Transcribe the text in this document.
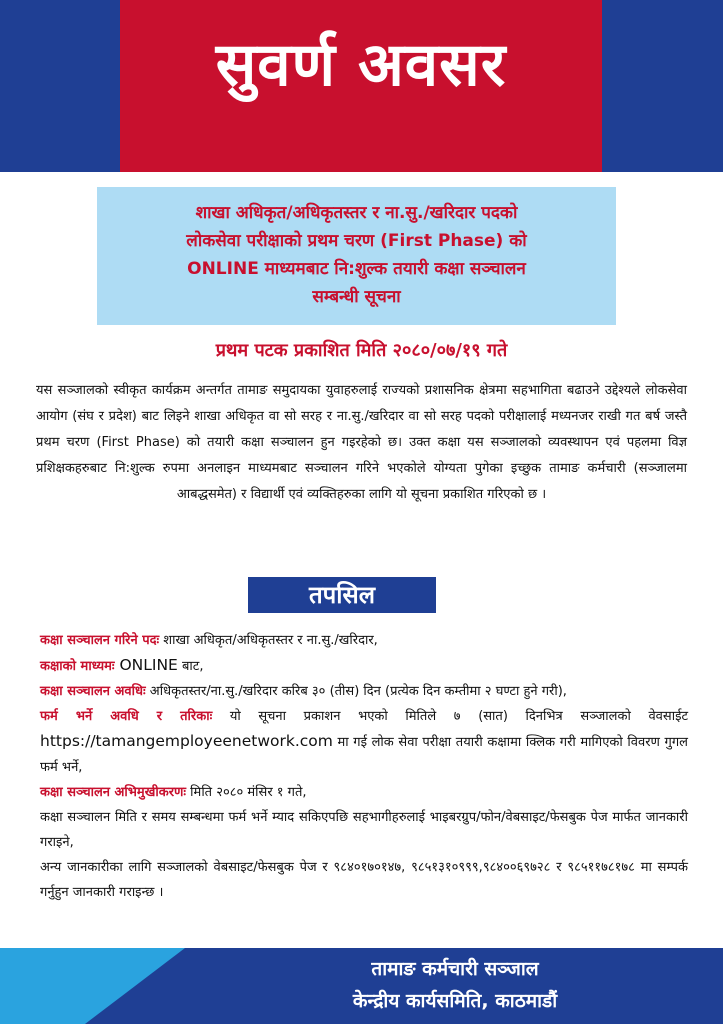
सुवर्ण अवसर

शाखा अधिकृत/अधिकृतस्तर र ना.सु./खरिदार पदको

लोकसेवा परीक्षाको प्रथम चरण (First Phase) को

ONLINE माध्यमबाट नि:शुल्क तयारी कक्षा सञ्चालन

सम्बन्धी सूचना

प्रथम पटक प्रकाशित मिति २०८०/०७/१९ गते

यस सञ्जालको स्वीकृत कार्यक्रम अन्तर्गत तामाङ समुदायका युवाहरुलाई राज्यको प्रशासनिक क्षेत्रमा सहभागिता बढाउने उद्देश्यले लोकसेवा आयोग (संघ र प्रदेश) बाट लिइने शाखा अधिकृत वा सो सरह र ना.सु./खरिदार वा सो सरह पदको परीक्षालाई मध्यनजर राखी गत बर्ष जस्तै प्रथम चरण (First Phase) को तयारी कक्षा सञ्चालन हुन गइरहेको छ। उक्त कक्षा यस सञ्जालको व्यवस्थापन एवं पहलमा विज्ञ प्रशिक्षकहरुबाट नि:शुल्क रुपमा अनलाइन माध्यमबाट सञ्चालन गरिने भएकोले योग्यता पुगेका इच्छुक तामाङ कर्मचारी (सञ्जालमा आबद्धसमेत) र विद्यार्थी एवं व्यक्तिहरुका लागि यो सूचना प्रकाशित गरिएको छ ।

तपसिल

कक्षा सञ्चालन गरिने पदः शाखा अधिकृत/अधिकृतस्तर र ना.सु./खरिदार,

कक्षाको माध्यमः ONLINE बाट,

कक्षा सञ्चालन अवधिः अधिकृतस्तर/ना.सु./खरिदार करिब ३० (तीस) दिन (प्रत्येक दिन कम्तीमा २ घण्टा हुने गरी),

फर्म भर्ने अवधि र तरिकाः यो सूचना प्रकाशन भएको मितिले ७ (सात) दिनभित्र सञ्जालको वेवसाईट https://tamangemployeenetwork.com मा गई लोक सेवा परीक्षा तयारी कक्षामा क्लिक गरी मागिएको विवरण गुगल फर्म भर्ने,

कक्षा सञ्चालन अभिमुखीकरणः मिति २०८० मंसिर १ गते,

कक्षा सञ्चालन मिति र समय सम्बन्धमा फर्म भर्ने म्याद सकिएपछि सहभागीहरुलाई भाइबरग्रुप/फोन/वेबसाइट/फेसबुक पेज मार्फत जानकारी गराइने,

अन्य जानकारीका लागि सञ्जालको वेबसाइट/फेसबुक पेज र ९८४०१७०१४७, ९८५१३१०९९९,९८४००६९७२८ र ९८५११७८१७८ मा सम्पर्क गर्नुहुन जानकारी गराइन्छ ।

तामाङ कर्मचारी सञ्जाल
केन्द्रीय कार्यसमिति, काठमाडौं
